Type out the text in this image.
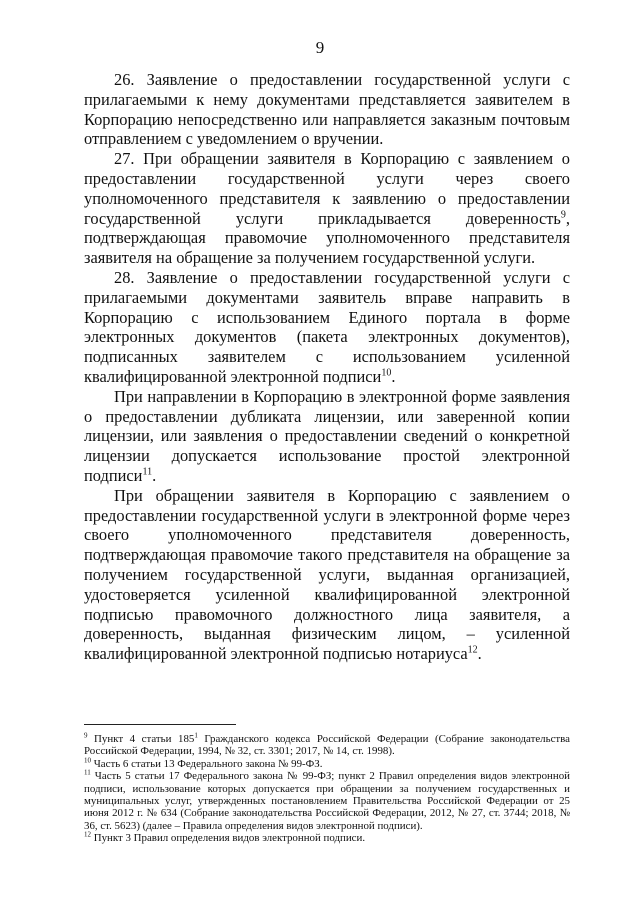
9

26. Заявление о предоставлении государственной услуги с прилагаемыми к нему документами представляется заявителем в Корпорацию непосредственно или направляется заказным почтовым отправлением с уведомлением о вручении.

27. При обращении заявителя в Корпорацию с заявлением о предоставлении государственной услуги через своего уполномоченного представителя к заявлению о предоставлении государственной услуги прикладывается доверенность$^9$, подтверждающая правомочие уполномоченного представителя заявителя на обращение за получением государственной услуги.

28. Заявление о предоставлении государственной услуги с прилагаемыми документами заявитель вправе направить в Корпорацию с использованием Единого портала в форме электронных документов (пакета электронных документов), подписанных заявителем с использованием усиленной квалифицированной электронной подписи$^{10}$.

При направлении в Корпорацию в электронной форме заявления о предоставлении дубликата лицензии, или заверенной копии лицензии, или заявления о предоставлении сведений о конкретной лицензии допускается использование простой электронной подписи$^{11}$.

При обращении заявителя в Корпорацию с заявлением о предоставлении государственной услуги в электронной форме через своего уполномоченного представителя доверенность, подтверждающая правомочие такого представителя на обращение за получением государственной услуги, выданная организацией, удостоверяется усиленной квалифицированной электронной подписью правомочного должностного лица заявителя, а доверенность, выданная физическим лицом, – усиленной квалифицированной электронной подписью нотариуса$^{12}$.

$^9$ Пункт 4 статьи $185^1$ Гражданского кодекса Российской Федерации (Собрание законодательства Российской Федерации, 1994, № 32, ст. 3301; 2017, № 14, ст. 1998).

$^{10}$ Часть 6 статьи 13 Федерального закона № 99-ФЗ.

$^{11}$ Часть 5 статьи 17 Федерального закона № 99-ФЗ; пункт 2 Правил определения видов электронной подписи, использование которых допускается при обращении за получением государственных и муниципальных услуг, утвержденных постановлением Правительства Российской Федерации от 25 июня 2012 г. № 634 (Собрание законодательства Российской Федерации, 2012, № 27, ст. 3744; 2018, № 36, ст. 5623) (далее – Правила определения видов электронной подписи).

$^{12}$ Пункт 3 Правил определения видов электронной подписи.
